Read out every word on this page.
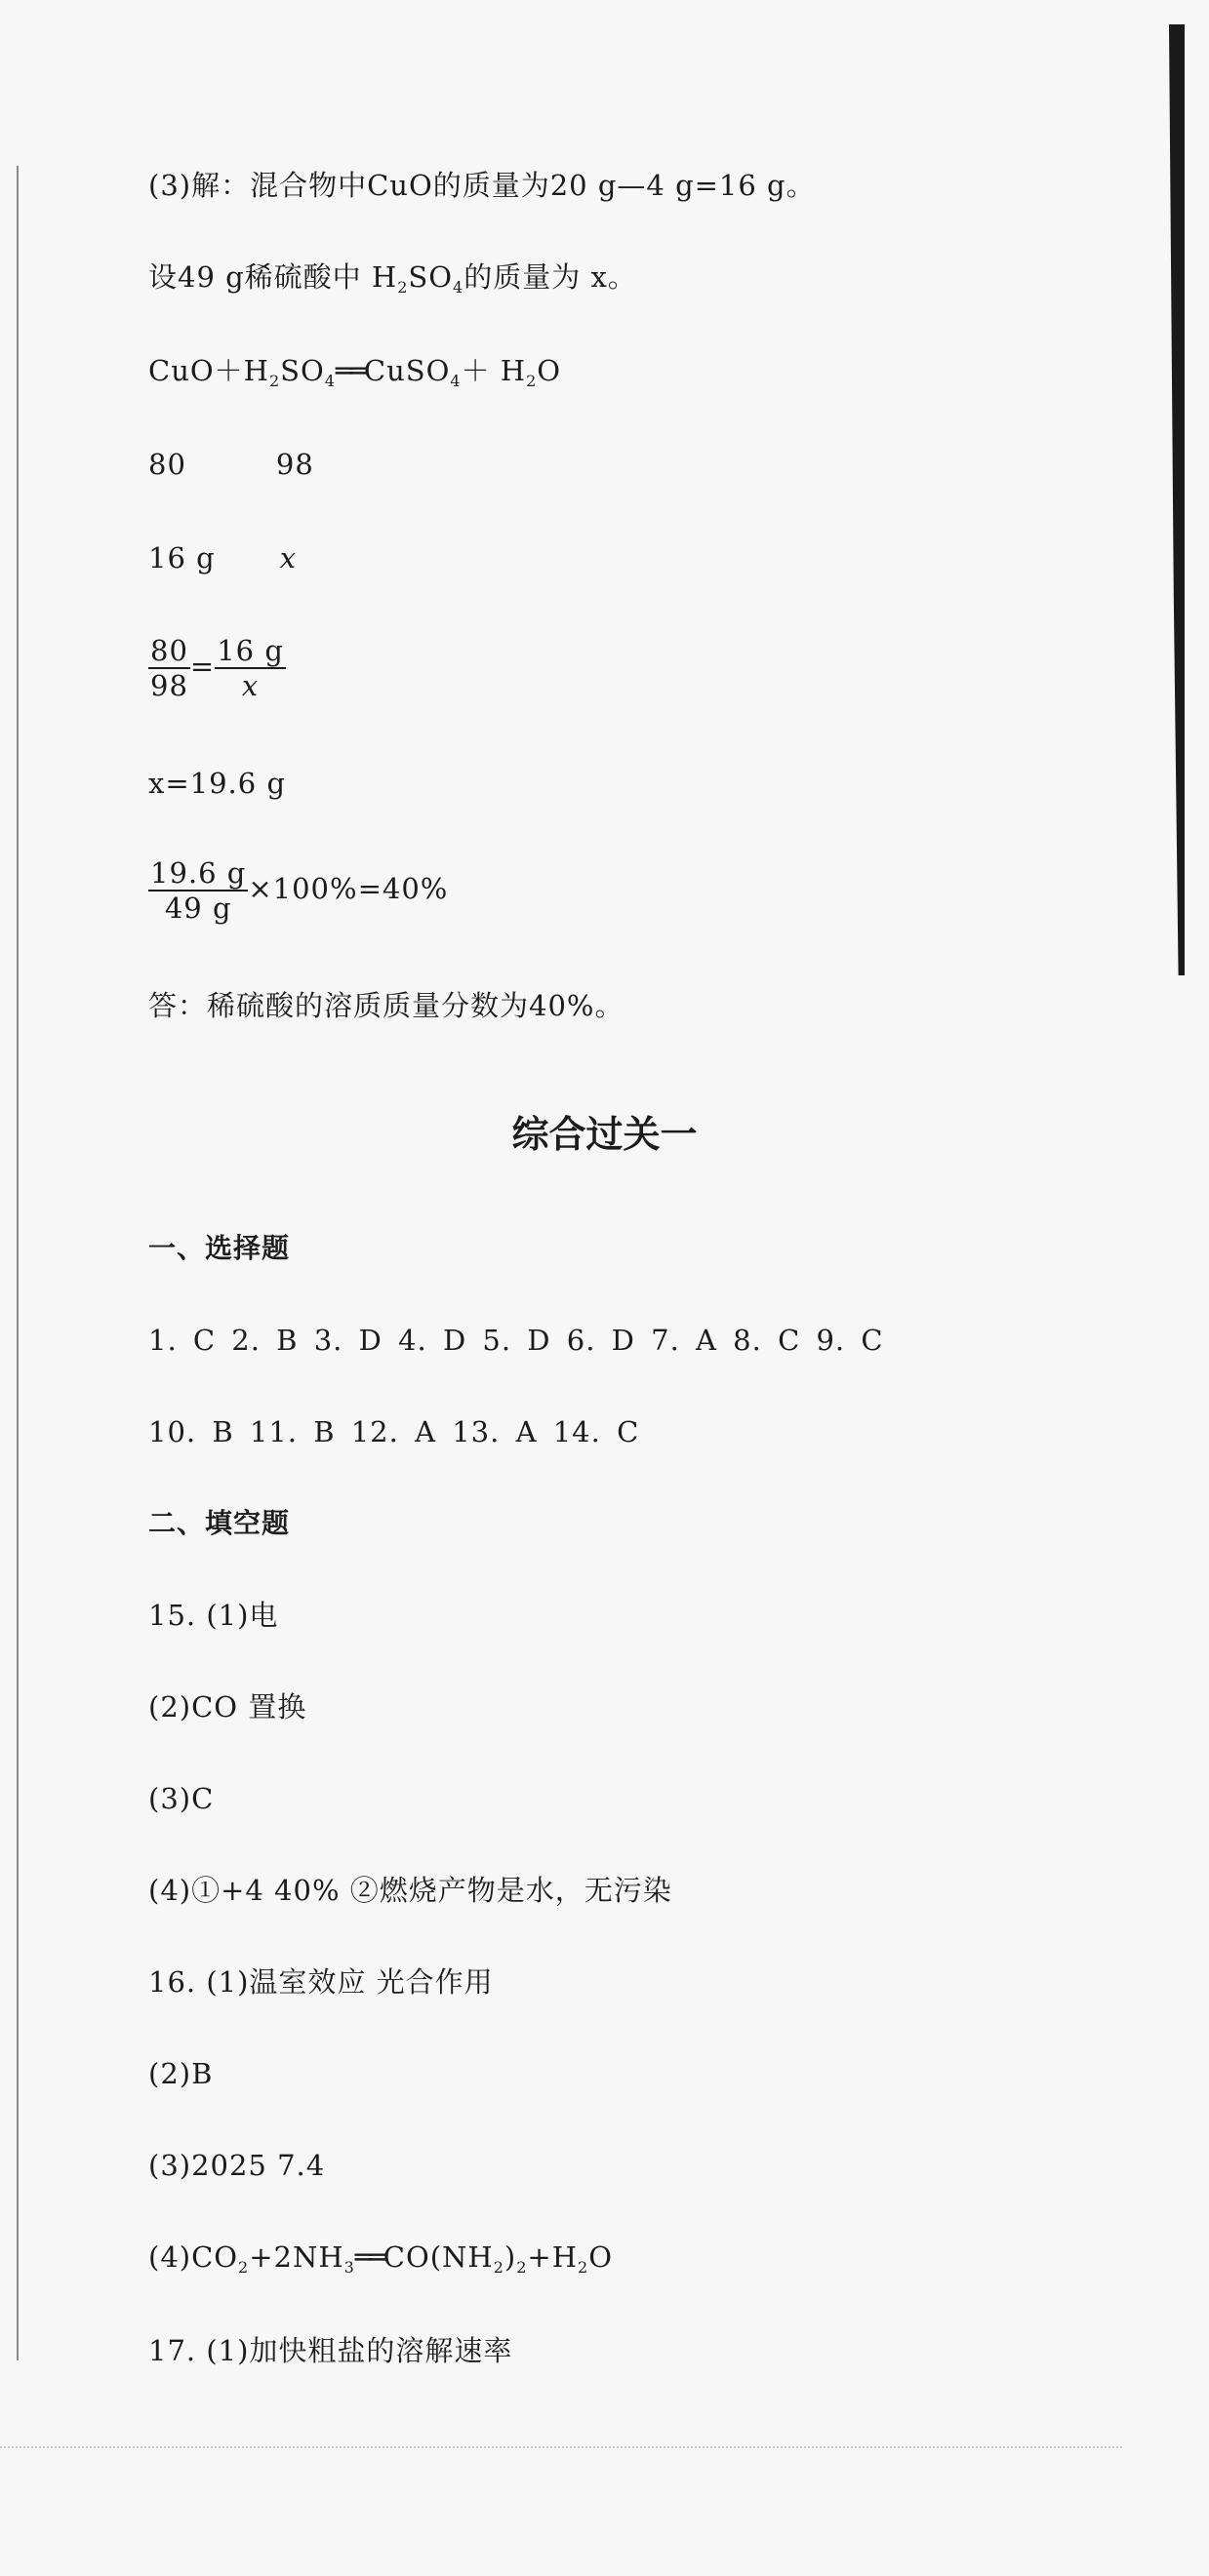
(3)解：混合物中CuO的质量为20 g—4 g=16 g。
设49 g稀硫酸中 $H_2SO_4$的质量为 x。
$CuO+H_2SO_4══CuSO_4+ H_2O$
80	98
16 g x
$\frac{80}{98} = \frac{16 g}{x}$
x=19.6 g
$\frac{19.6 g}{49 g} \times 100\%=40\%$
答：稀硫酸的溶质质量分数为40%。
综合过关一
一、选择题
1. C 2. B 3. D 4. D 5. D 6. D 7. A 8. C 9. C
10. B 11. B 12. A 13. A 14. C
二、填空题
15. (1)电
(2)CO 置换
(3)C
(4)①+4 40% ②燃烧产物是水，无污染
16. (1)温室效应 光合作用
(2)B
(3)2025 7.4
$(4)CO_2+2NH_3══CO(NH_2)_2+H_2O$
17. (1)加快粗盐的溶解速率
